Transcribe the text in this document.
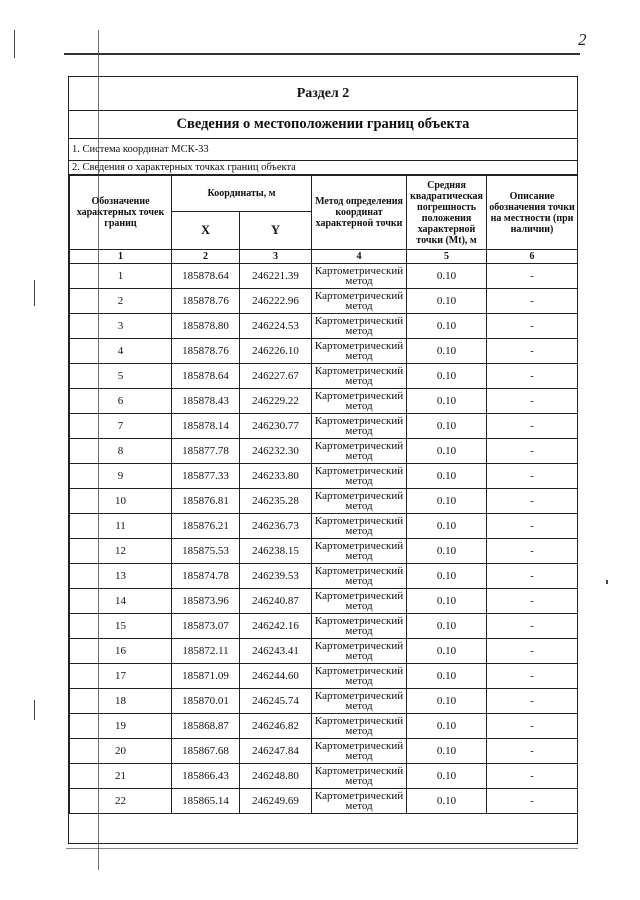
2
Раздел 2
Сведения о местоположении границ объекта
1. Система координат МСК-33
2. Сведения о характерных точках границ объекта
Обозначение характерных точек границ	Координаты, м		Метод определения координат характерной точки	Средняя квадратическая погрешность положения характерной точки (Mt), м	Описание обозначения точки на местности (при наличии)
	X	Y			
1	2	3	4	5	6
1	185878.64	246221.39	Картометрический метод	0.10	-
2	185878.76	246222.96	Картометрический метод	0.10	-
3	185878.80	246224.53	Картометрический метод	0.10	-
4	185878.76	246226.10	Картометрический метод	0.10	-
5	185878.64	246227.67	Картометрический метод	0.10	-
6	185878.43	246229.22	Картометрический метод	0.10	-
7	185878.14	246230.77	Картометрический метод	0.10	-
8	185877.78	246232.30	Картометрический метод	0.10	-
9	185877.33	246233.80	Картометрический метод	0.10	-
10	185876.81	246235.28	Картометрический метод	0.10	-
11	185876.21	246236.73	Картометрический метод	0.10	-
12	185875.53	246238.15	Картометрический метод	0.10	-
13	185874.78	246239.53	Картометрический метод	0.10	-
14	185873.96	246240.87	Картометрический метод	0.10	-
15	185873.07	246242.16	Картометрический метод	0.10	-
16	185872.11	246243.41	Картометрический метод	0.10	-
17	185871.09	246244.60	Картометрический метод	0.10	-
18	185870.01	246245.74	Картометрический метод	0.10	-
19	185868.87	246246.82	Картометрический метод	0.10	-
20	185867.68	246247.84	Картометрический метод	0.10	-
21	185866.43	246248.80	Картометрический метод	0.10	-
22	185865.14	246249.69	Картометрический метод	0.10	-
